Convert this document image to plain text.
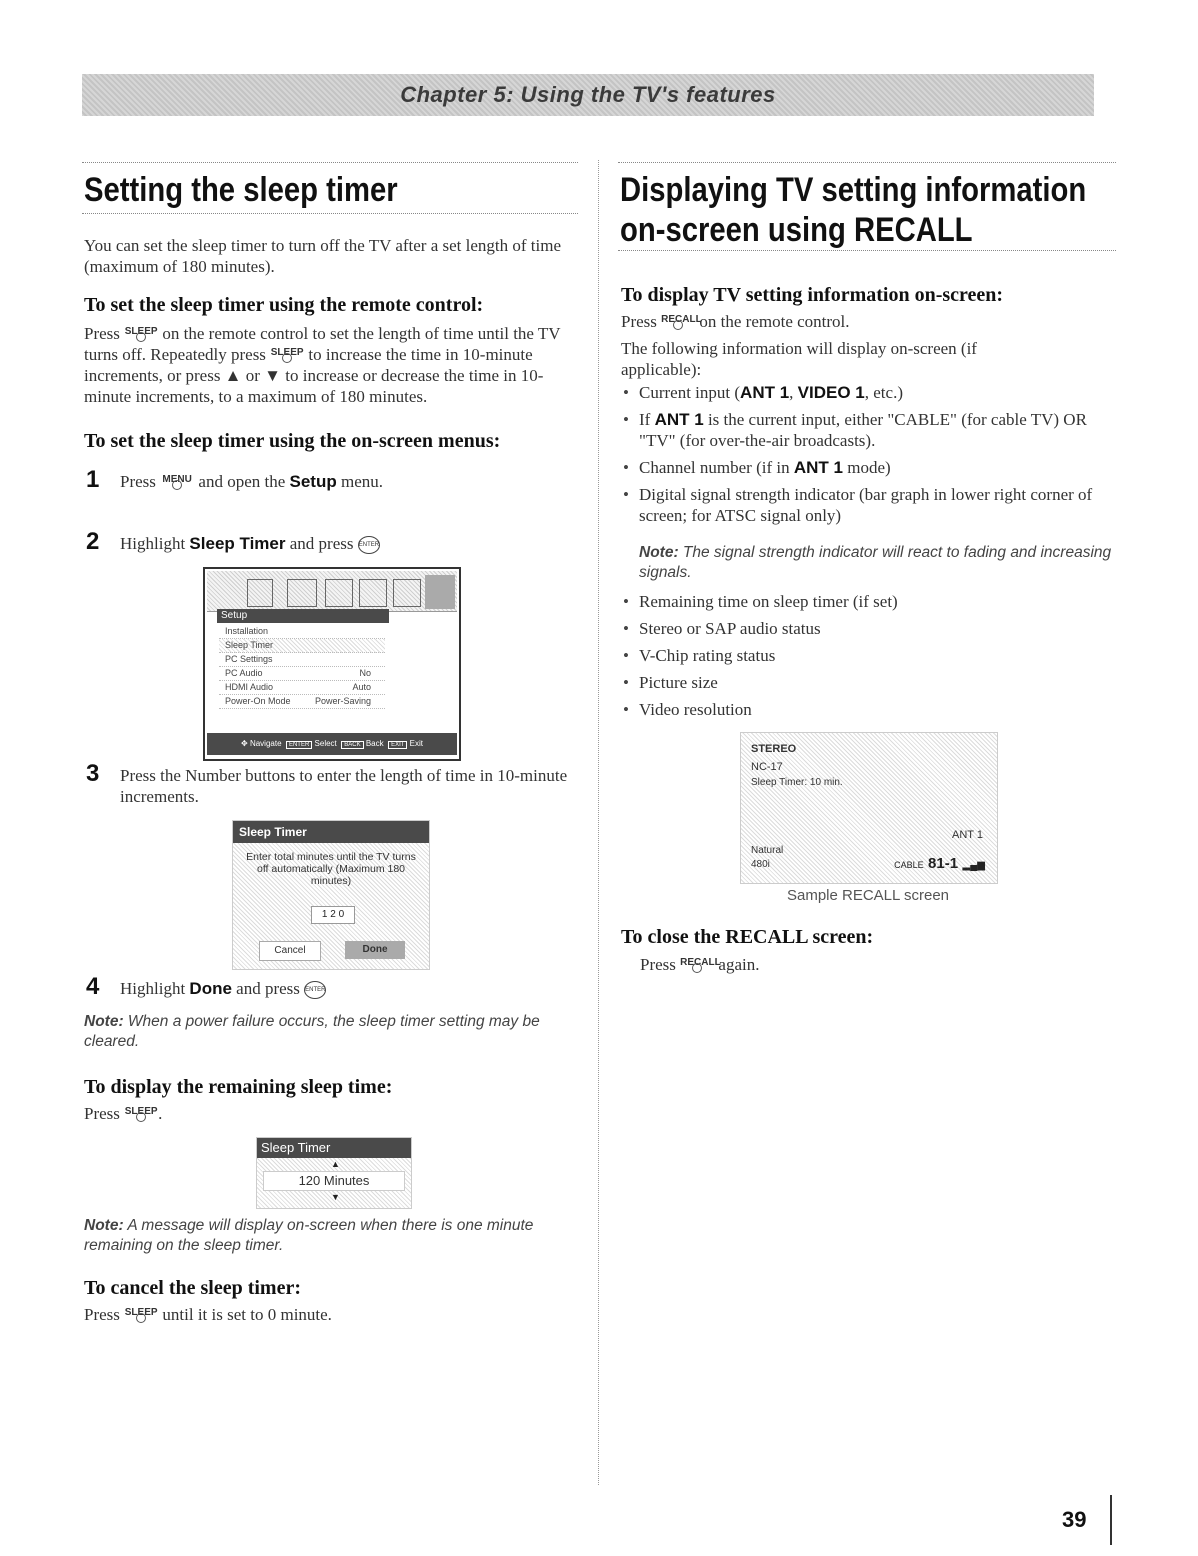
Chapter 5: Using the TV's features
Setting the sleep timer
You can set the sleep timer to turn off the TV after a set length of time (maximum of 180 minutes).
To set the sleep timer using the remote control:
Press SLEEP on the remote control to set the length of time until the TV turns off. Repeatedly press SLEEP to increase the time in 10-minute increments, or press ▲ or ▼ to increase or decrease the time in 10-minute increments, to a maximum of 180 minutes.
To set the sleep timer using the on-screen menus:
1 Press MENU and open the Setup menu.
2 Highlight Sleep Timer and press ENTER
Setup
Installation
Sleep Timer
PC Settings
PC Audio	No
HDMI Audio	Auto
Power-On Mode	Power-Saving
✥ Navigate ENTER Select BACK Back EXIT Exit
3 Press the Number buttons to enter the length of time in 10-minute increments.
Sleep Timer
Enter total minutes until the TV turns off automatically (Maximum 180 minutes)
1 2 0
Cancel	Done
4 Highlight Done and press ENTER
Note: When a power failure occurs, the sleep timer setting may be cleared.
To display the remaining sleep time:
Press SLEEP .
Sleep Timer
▲
120 Minutes
▼
Note: A message will display on-screen when there is one minute remaining on the sleep timer.
To cancel the sleep timer:
Press SLEEP until it is set to 0 minute.
Displaying TV setting information
on-screen using RECALL
To display TV setting information on-screen:
Press RECALL
on the remote control.
The following information will display on-screen (if applicable):
• Current input (ANT 1, VIDEO 1, etc.)
• If ANT 1 is the current input, either "CABLE" (for cable TV) OR "TV" (for over-the-air broadcasts).
• Channel number (if in ANT 1 mode)
• Digital signal strength indicator (bar graph in lower right corner of screen; for ATSC signal only)
Note: The signal strength indicator will react to fading and increasing signals.
• Remaining time on sleep timer (if set)
• Stereo or SAP audio status
• V-Chip rating status
• Picture size
• Video resolution
STEREO
NC-17
Sleep Timer: 10 min.
ANT 1
Natural
480i	CABLE 81-1 ▂▄▆
Sample RECALL screen
To close the RECALL screen:
Press RECALL
again.
39
